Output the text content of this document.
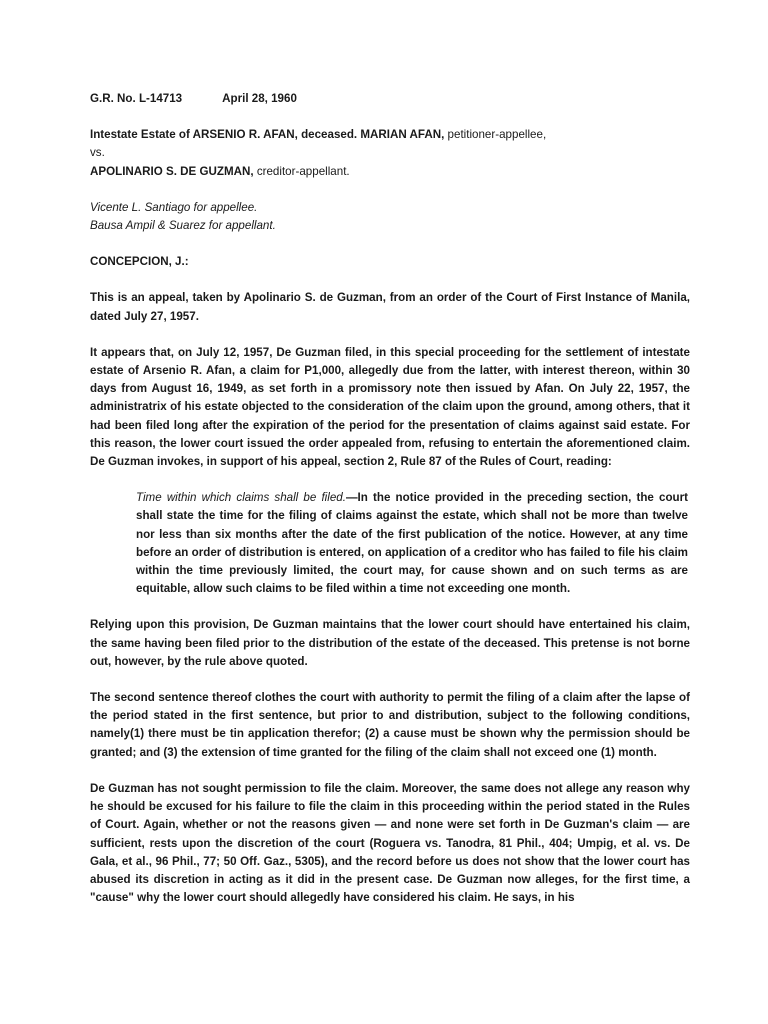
G.R. No. L-14713	April 28, 1960
Intestate Estate of ARSENIO R. AFAN, deceased. MARIAN AFAN, petitioner-appellee,
vs.
APOLINARIO S. DE GUZMAN, creditor-appellant.
Vicente L. Santiago for appellee.
Bausa Ampil & Suarez for appellant.
CONCEPCION, J.:

This is an appeal, taken by Apolinario S. de Guzman, from an order of the Court of First Instance of Manila, dated July 27, 1957.

It appears that, on July 12, 1957, De Guzman filed, in this special proceeding for the settlement of intestate estate of Arsenio R. Afan, a claim for P1,000, allegedly due from the latter, with interest thereon, within 30 days from August 16, 1949, as set forth in a promissory note then issued by Afan. On July 22, 1957, the administratrix of his estate objected to the consideration of the claim upon the ground, among others, that it had been filed long after the expiration of the period for the presentation of claims against said estate. For this reason, the lower court issued the order appealed from, refusing to entertain the aforementioned claim. De Guzman invokes, in support of his appeal, section 2, Rule 87 of the Rules of Court, reading:

Time within which claims shall be filed.—In the notice provided in the preceding section, the court shall state the time for the filing of claims against the estate, which shall not be more than twelve nor less than six months after the date of the first publication of the notice. However, at any time before an order of distribution is entered, on application of a creditor who has failed to file his claim within the time previously limited, the court may, for cause shown and on such terms as are equitable, allow such claims to be filed within a time not exceeding one month.

Relying upon this provision, De Guzman maintains that the lower court should have entertained his claim, the same having been filed prior to the distribution of the estate of the deceased. This pretense is not borne out, however, by the rule above quoted.

The second sentence thereof clothes the court with authority to permit the filing of a claim after the lapse of the period stated in the first sentence, but prior to and distribution, subject to the following conditions, namely(1) there must be tin application therefor; (2) a cause must be shown why the permission should be granted; and (3) the extension of time granted for the filing of the claim shall not exceed one (1) month.

De Guzman has not sought permission to file the claim. Moreover, the same does not allege any reason why he should be excused for his failure to file the claim in this proceeding within the period stated in the Rules of Court. Again, whether or not the reasons given — and none were set forth in De Guzman's claim — are sufficient, rests upon the discretion of the court (Roguera vs. Tanodra, 81 Phil., 404; Umpig, et al. vs. De Gala, et al., 96 Phil., 77; 50 Off. Gaz., 5305), and the record before us does not show that the lower court has abused its discretion in acting as it did in the present case. De Guzman now alleges, for the first time, a "cause" why the lower court should allegedly have considered his claim. He says, in his
